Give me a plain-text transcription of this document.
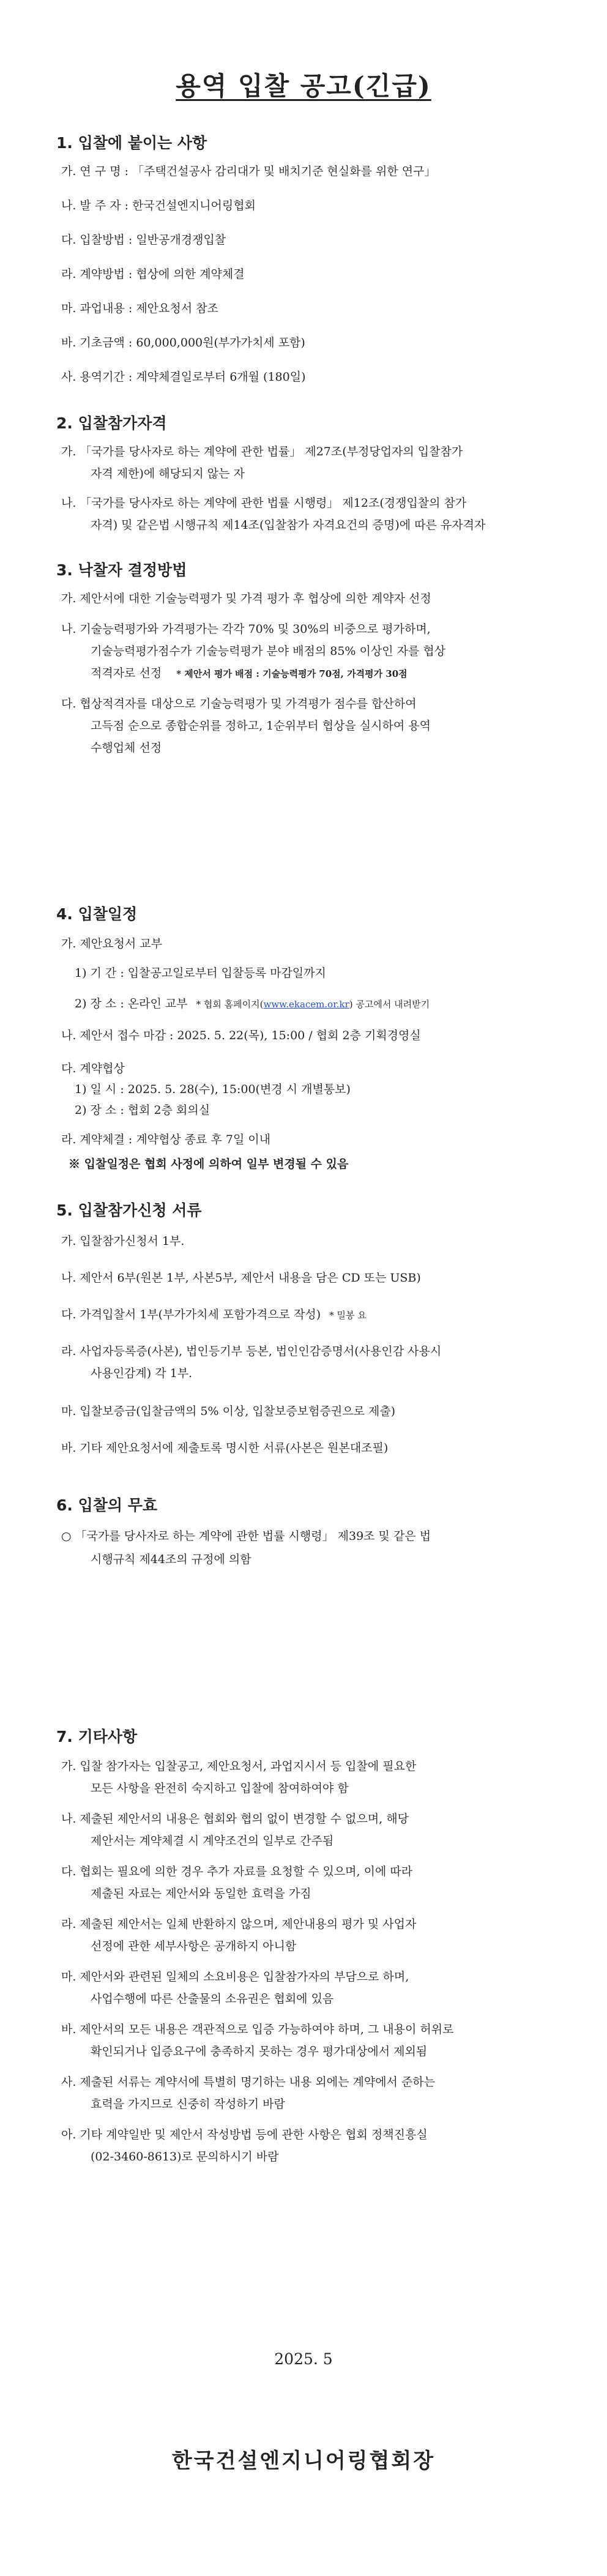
용역 입찰 공고(긴급)
1. 입찰에 붙이는 사항
가. 연 구 명 : 「주택건설공사 감리대가 및 배치기준 현실화를 위한 연구」
나. 발 주 자 : 한국건설엔지니어링협회
다. 입찰방법 : 일반공개경쟁입찰
라. 계약방법 : 협상에 의한 계약체결
마. 과업내용 : 제안요청서 참조
바. 기초금액 : 60,000,000원(부가가치세 포함)
사. 용역기간 : 계약체결일로부터 6개월 (180일)
2. 입찰참가자격
가. 「국가를 당사자로 하는 계약에 관한 법률」 제27조(부정당업자의 입찰참가
자격 제한)에 해당되지 않는 자
나. 「국가를 당사자로 하는 계약에 관한 법률 시행령」 제12조(경쟁입찰의 참가
자격) 및 같은법 시행규칙 제14조(입찰참가 자격요건의 증명)에 따른 유자격자
3. 낙찰자 결정방법
가. 제안서에 대한 기술능력평가 및 가격 평가 후 협상에 의한 계약자 선정
나. 기술능력평가와 가격평가는 각각 70% 및 30%의 비중으로 평가하며,
기술능력평가점수가 기술능력평가 분야 배점의 85% 이상인 자를 협상
적격자로 선정 * 제안서 평가 배점 : 기술능력평가 70점, 가격평가 30점
다. 협상적격자를 대상으로 기술능력평가 및 가격평가 점수를 합산하여
고득점 순으로 종합순위를 정하고, 1순위부터 협상을 실시하여 용역
수행업체 선정
4. 입찰일정
가. 제안요청서 교부
1) 기 간 : 입찰공고일로부터 입찰등록 마감일까지
2) 장 소 : 온라인 교부 * 협회 홈페이지(www.ekacem.or.kr) 공고에서 내려받기
나. 제안서 접수 마감 : 2025. 5. 22(목), 15:00 / 협회 2층 기획경영실
다. 계약협상
1) 일 시 : 2025. 5. 28(수), 15:00(변경 시 개별통보)
2) 장 소 : 협회 2층 회의실
라. 계약체결 : 계약협상 종료 후 7일 이내
※ 입찰일정은 협회 사정에 의하여 일부 변경될 수 있음
5. 입찰참가신청 서류
가. 입찰참가신청서 1부.
나. 제안서 6부(원본 1부, 사본5부, 제안서 내용을 담은 CD 또는 USB)
다. 가격입찰서 1부(부가가치세 포함가격으로 작성) * 밀봉 요
라. 사업자등록증(사본), 법인등기부 등본, 법인인감증명서(사용인감 사용시
사용인감계) 각 1부.
마. 입찰보증금(입찰금액의 5% 이상, 입찰보증보험증권으로 제출)
바. 기타 제안요청서에 제출토록 명시한 서류(사본은 원본대조필)
6. 입찰의 무효
○ 「국가를 당사자로 하는 계약에 관한 법률 시행령」 제39조 및 같은 법
시행규칙 제44조의 규정에 의함
7. 기타사항
가. 입찰 참가자는 입찰공고, 제안요청서, 과업지시서 등 입찰에 필요한
모든 사항을 완전히 숙지하고 입찰에 참여하여야 함
나. 제출된 제안서의 내용은 협회와 협의 없이 변경할 수 없으며, 해당
제안서는 계약체결 시 계약조건의 일부로 간주됨
다. 협회는 필요에 의한 경우 추가 자료를 요청할 수 있으며, 이에 따라
제출된 자료는 제안서와 동일한 효력을 가짐
라. 제출된 제안서는 일체 반환하지 않으며, 제안내용의 평가 및 사업자
선정에 관한 세부사항은 공개하지 아니함
마. 제안서와 관련된 일체의 소요비용은 입찰참가자의 부담으로 하며,
사업수행에 따른 산출물의 소유권은 협회에 있음
바. 제안서의 모든 내용은 객관적으로 입증 가능하여야 하며, 그 내용이 허위로
확인되거나 입증요구에 충족하지 못하는 경우 평가대상에서 제외됨
사. 제출된 서류는 계약서에 특별히 명기하는 내용 외에는 계약에서 준하는
효력을 가지므로 신중히 작성하기 바람
아. 기타 계약일반 및 제안서 작성방법 등에 관한 사항은 협회 정책진흥실
(02-3460-8613)로 문의하시기 바람
2025. 5
한국건설엔지니어링협회장
